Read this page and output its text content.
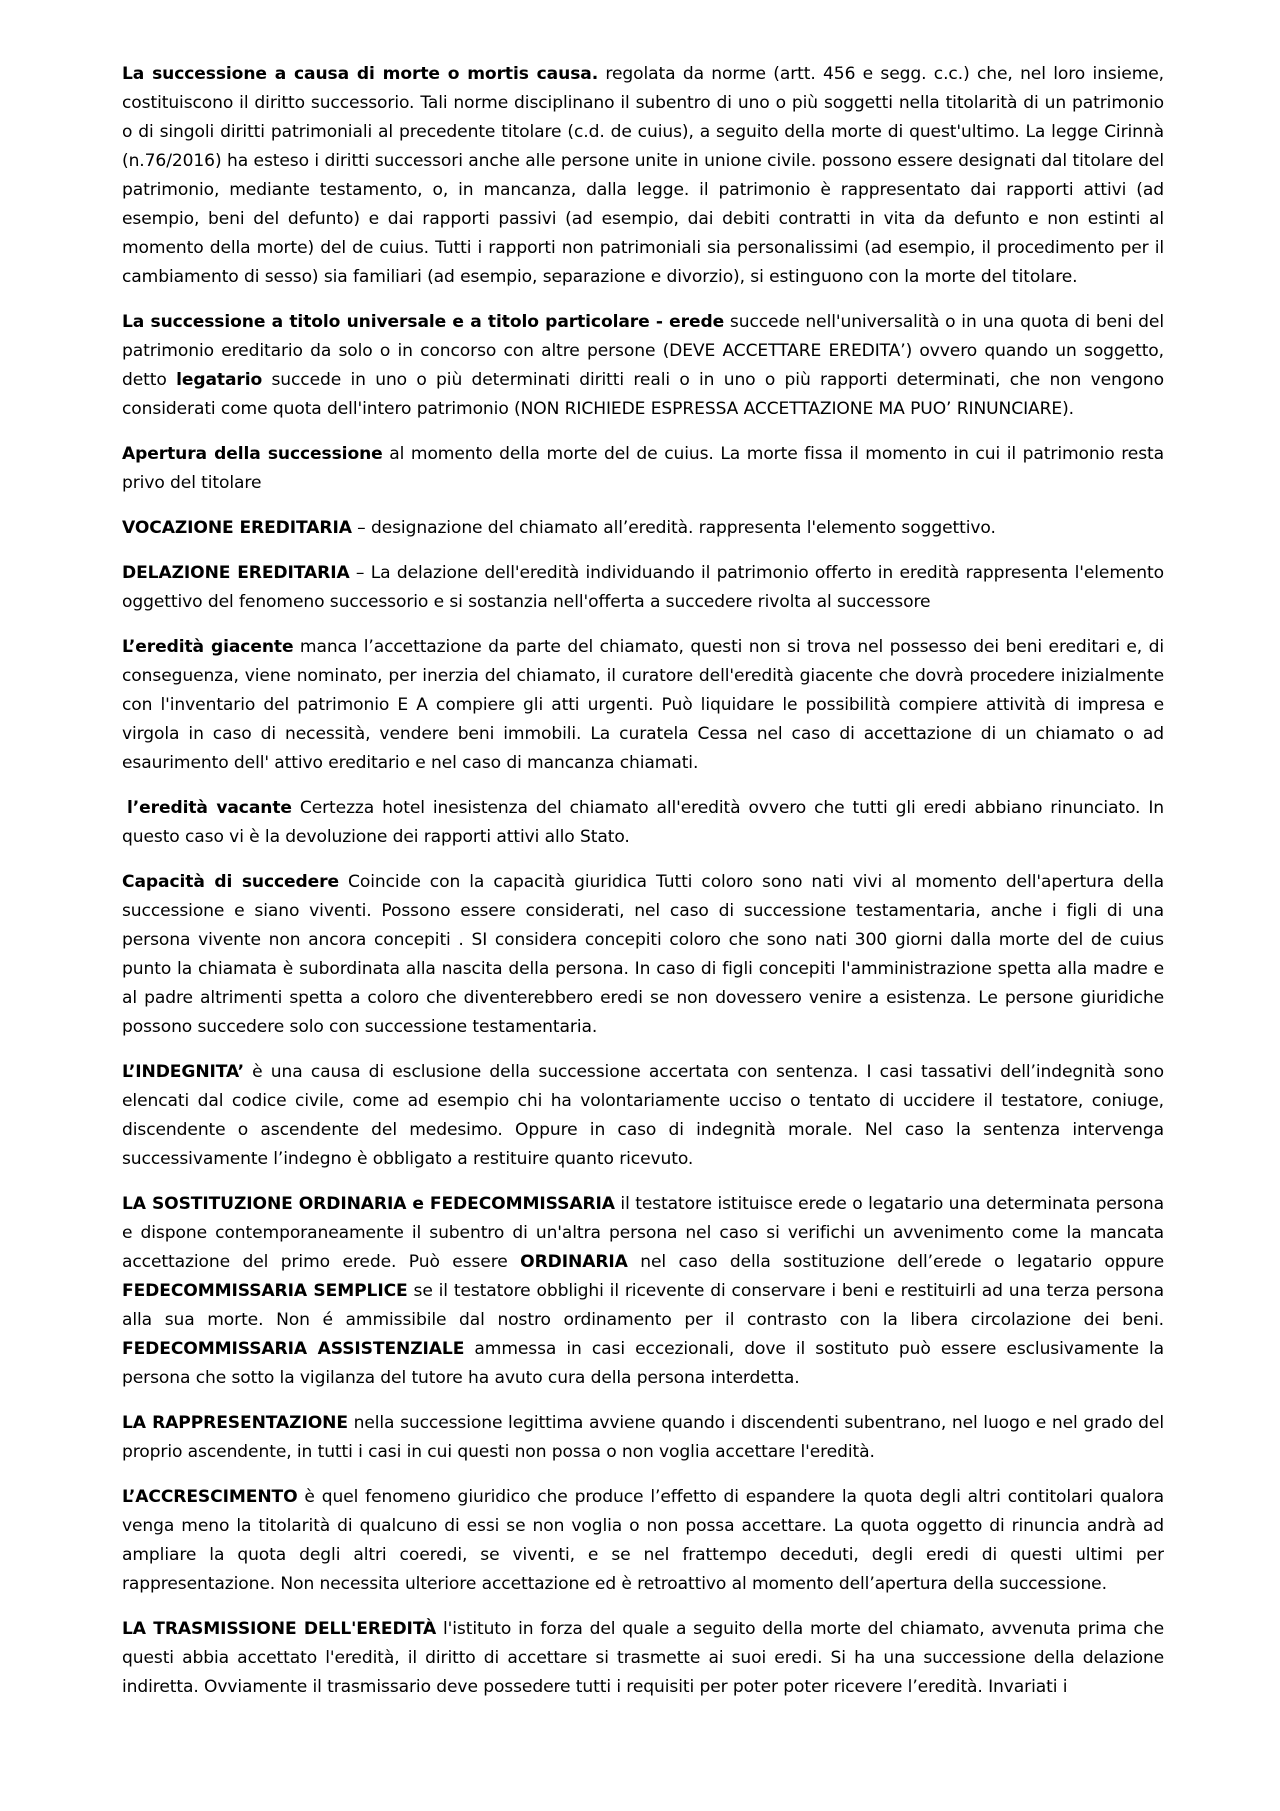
La successione a causa di morte o mortis causa. regolata da norme (artt. 456 e segg. c.c.) che, nel loro insieme, costituiscono il diritto successorio. Tali norme disciplinano il subentro di uno o più soggetti nella titolarità di un patrimonio o di singoli diritti patrimoniali al precedente titolare (c.d. de cuius), a seguito della morte di quest'ultimo. La legge Cirinnà (n.76/2016) ha esteso i diritti successori anche alle persone unite in unione civile. possono essere designati dal titolare del patrimonio, mediante testamento, o, in mancanza, dalla legge. il patrimonio è rappresentato dai rapporti attivi (ad esempio, beni del defunto) e dai rapporti passivi (ad esempio, dai debiti contratti in vita da defunto e non estinti al momento della morte) del de cuius. Tutti i rapporti non patrimoniali sia personalissimi (ad esempio, il procedimento per il cambiamento di sesso) sia familiari (ad esempio, separazione e divorzio), si estinguono con la morte del titolare.

La successione a titolo universale e a titolo particolare - erede succede nell'universalità o in una quota di beni del patrimonio ereditario da solo o in concorso con altre persone (DEVE ACCETTARE EREDITA’) ovvero quando un soggetto, detto legatario succede in uno o più determinati diritti reali o in uno o più rapporti determinati, che non vengono considerati come quota dell'intero patrimonio (NON RICHIEDE ESPRESSA ACCETTAZIONE MA PUO’ RINUNCIARE).

Apertura della successione al momento della morte del de cuius. La morte fissa il momento in cui il patrimonio resta privo del titolare

VOCAZIONE EREDITARIA – designazione del chiamato all’eredità. rappresenta l'elemento soggettivo.

DELAZIONE EREDITARIA – La delazione dell'eredità individuando il patrimonio offerto in eredità rappresenta l'elemento oggettivo del fenomeno successorio e si sostanzia nell'offerta a succedere rivolta al successore

L’eredità giacente manca l’accettazione da parte del chiamato, questi non si trova nel possesso dei beni ereditari e, di conseguenza, viene nominato, per inerzia del chiamato, il curatore dell'eredità giacente che dovrà procedere inizialmente con l'inventario del patrimonio E A compiere gli atti urgenti. Può liquidare le possibilità compiere attività di impresa e virgola in caso di necessità, vendere beni immobili. La curatela Cessa nel caso di accettazione di un chiamato o ad esaurimento dell' attivo ereditario e nel caso di mancanza chiamati.

l’eredità vacante Certezza hotel inesistenza del chiamato all'eredità ovvero che tutti gli eredi abbiano rinunciato. In questo caso vi è la devoluzione dei rapporti attivi allo Stato.

Capacità di succedere Coincide con la capacità giuridica Tutti coloro sono nati vivi al momento dell'apertura della successione e siano viventi. Possono essere considerati, nel caso di successione testamentaria, anche i figli di una persona vivente non ancora concepiti . SI considera concepiti coloro che sono nati 300 giorni dalla morte del de cuius punto la chiamata è subordinata alla nascita della persona. In caso di figli concepiti l'amministrazione spetta alla madre e al padre altrimenti spetta a coloro che diventerebbero eredi se non dovessero venire a esistenza. Le persone giuridiche possono succedere solo con successione testamentaria.

L’INDEGNITA’ è una causa di esclusione della successione accertata con sentenza. I casi tassativi dell’indegnità sono elencati dal codice civile, come ad esempio chi ha volontariamente ucciso o tentato di uccidere il testatore, coniuge, discendente o ascendente del medesimo. Oppure in caso di indegnità morale. Nel caso la sentenza intervenga successivamente l’indegno è obbligato a restituire quanto ricevuto.

LA SOSTITUZIONE ORDINARIA e FEDECOMMISSARIA il testatore istituisce erede o legatario una determinata persona e dispone contemporaneamente il subentro di un'altra persona nel caso si verifichi un avvenimento come la mancata accettazione del primo erede. Può essere ORDINARIA nel caso della sostituzione dell’erede o legatario oppure FEDECOMMISSARIA SEMPLICE se il testatore obblighi il ricevente di conservare i beni e restituirli ad una terza persona alla sua morte. Non é ammissibile dal nostro ordinamento per il contrasto con la libera circolazione dei beni. FEDECOMMISSARIA ASSISTENZIALE ammessa in casi eccezionali, dove il sostituto può essere esclusivamente la persona che sotto la vigilanza del tutore ha avuto cura della persona interdetta.

LA RAPPRESENTAZIONE nella successione legittima avviene quando i discendenti subentrano, nel luogo e nel grado del proprio ascendente, in tutti i casi in cui questi non possa o non voglia accettare l'eredità.

L’ACCRESCIMENTO è quel fenomeno giuridico che produce l’effetto di espandere la quota degli altri contitolari qualora venga meno la titolarità di qualcuno di essi se non voglia o non possa accettare. La quota oggetto di rinuncia andrà ad ampliare la quota degli altri coeredi, se viventi, e se nel frattempo deceduti, degli eredi di questi ultimi per rappresentazione. Non necessita ulteriore accettazione ed è retroattivo al momento dell’apertura della successione.

LA TRASMISSIONE DELL'EREDITÀ l'istituto in forza del quale a seguito della morte del chiamato, avvenuta prima che questi abbia accettato l'eredità, il diritto di accettare si trasmette ai suoi eredi. Si ha una successione della delazione indiretta. Ovviamente il trasmissario deve possedere tutti i requisiti per poter poter ricevere l’eredità. Invariati i
